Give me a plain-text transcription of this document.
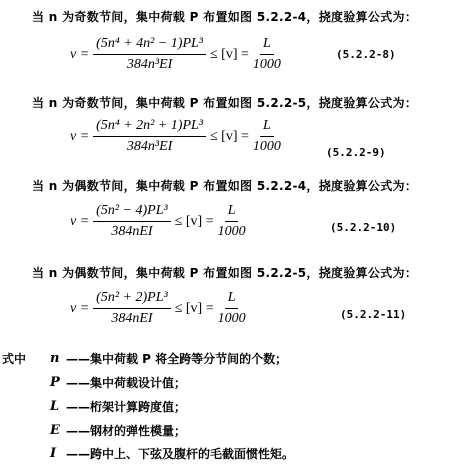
当 n 为奇数节间，集中荷载 P 布置如图 5.2.2-4，挠度验算公式为：
$v = \frac{\text{(5n⁴ + 4n² − 1)PL³}}{\text{384n³EI}} \le [v] = \frac{L}{1000}$	(5.2.2-8)
当 n 为奇数节间，集中荷载 P 布置如图 5.2.2-5，挠度验算公式为：
$v = \frac{\text{(5n⁴ + 2n² + 1)PL³}}{\text{384n³EI}} \le [v] = \frac{L}{1000}$	(5.2.2-9)
当 n 为偶数节间，集中荷载 P 布置如图 5.2.2-4，挠度验算公式为：
$v = \frac{\text{(5n² − 4)PL³}}{\text{384nEI}} \le [v] = \frac{L}{1000}$	(5.2.2-10)
当 n 为偶数节间，集中荷载 P 布置如图 5.2.2-5，挠度验算公式为：
$v = \frac{\text{(5n² + 2)PL³}}{\text{384nEI}} \le [v] = \frac{L}{1000}$	(5.2.2-11)
式中 n ——集中荷载 P 将全跨等分节间的个数；
P ——集中荷载设计值；
L ——桁架计算跨度值；
E ——钢材的弹性模量；
I ——跨中上、下弦及腹杆的毛截面惯性矩。
